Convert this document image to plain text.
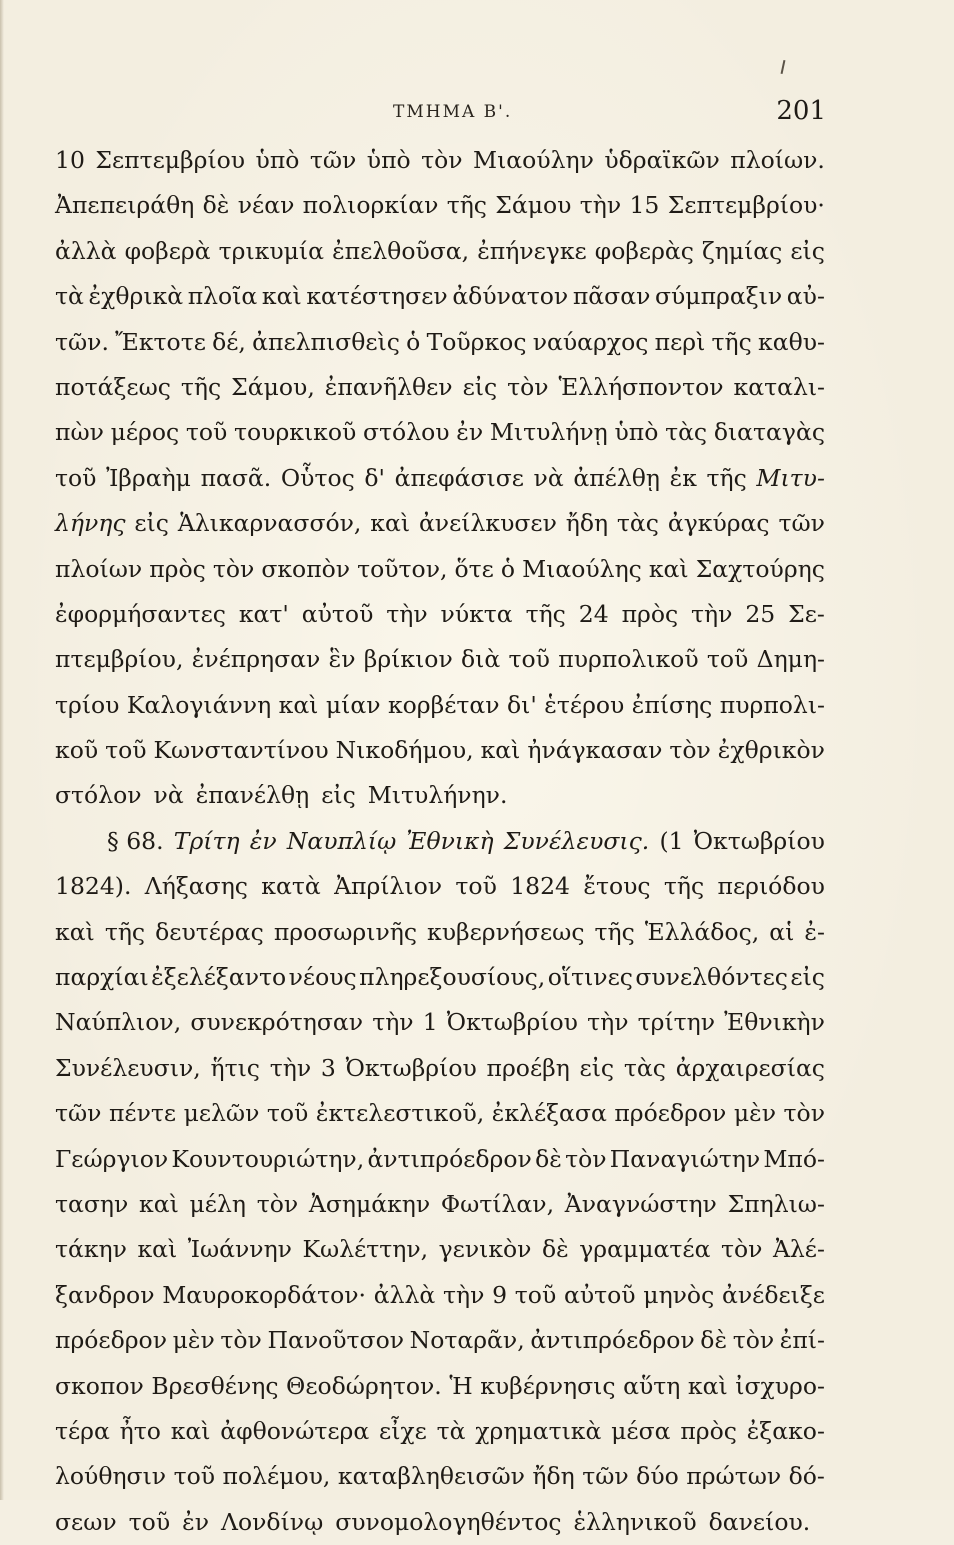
ΤΜΗΜΑ Β'.	201
10 Σεπτεμβρίου ὑπὸ τῶν ὑπὸ τὸν Μιαούλην ὑδραϊκῶν πλοίων.
Ἀπεπειράθη δὲ νέαν πολιορκίαν τῆς Σάμου τὴν 15 Σεπτεμβρίου·
ἀλλὰ φοβερὰ τρικυμία ἐπελθοῦσα, ἐπήνεγκε φοβερὰς ζημίας εἰς
τὰ ἐχθρικὰ πλοῖα καὶ κατέστησεν ἀδύνατον πᾶσαν σύμπραξιν αὐ-
τῶν. Ἔκτοτε δέ, ἀπελπισθεὶς ὁ Τοῦρκος ναύαρχος περὶ τῆς καθυ-
ποτάξεως τῆς Σάμου, ἐπανῆλθεν εἰς τὸν Ἑλλήσποντον καταλι-
πὼν μέρος τοῦ τουρκικοῦ στόλου ἐν Μιτυλήνῃ ὑπὸ τὰς διαταγὰς
τοῦ Ἰβραὴμ πασᾶ. Οὗτος δ' ἀπεφάσισε νὰ ἀπέλθῃ ἐκ τῆς Μιτυ-
λήνης εἰς Ἁλικαρνασσόν, καὶ ἀνείλκυσεν ἤδη τὰς ἀγκύρας τῶν
πλοίων πρὸς τὸν σκοπὸν τοῦτον, ὅτε ὁ Μιαούλης καὶ Σαχτούρης
ἐφορμήσαντες κατ' αὐτοῦ τὴν νύκτα τῆς 24 πρὸς τὴν 25 Σε-
πτεμβρίου, ἐνέπρησαν ἓν βρίκιον διὰ τοῦ πυρπολικοῦ τοῦ Δημη-
τρίου Καλογιάννη καὶ μίαν κορβέταν δι' ἑτέρου ἐπίσης πυρπολι-
κοῦ τοῦ Κωνσταντίνου Νικοδήμου, καὶ ἠνάγκασαν τὸν ἐχθρικὸν
στόλον νὰ ἐπανέλθῃ εἰς Μιτυλήνην.
§ 68. Τρίτη ἐν Ναυπλίῳ Ἐθνικὴ Συνέλευσις. (1 Ὀκτωβρίου
1824). Λήξασης κατὰ Ἀπρίλιον τοῦ 1824 ἔτους τῆς περιόδου
καὶ τῆς δευτέρας προσωρινῆς κυβερνήσεως τῆς Ἑλλάδος, αἱ ἐ-
παρχίαι ἐξελέξαντο νέους πληρεξουσίους, οἵτινες συνελθόντες εἰς
Ναύπλιον, συνεκρότησαν τὴν 1 Ὀκτωβρίου τὴν τρίτην Ἐθνικὴν
Συνέλευσιν, ἥτις τὴν 3 Ὀκτωβρίου προέβη εἰς τὰς ἀρχαιρεσίας
τῶν πέντε μελῶν τοῦ ἐκτελεστικοῦ, ἐκλέξασα πρόεδρον μὲν τὸν
Γεώργιον Κουντουριώτην, ἀντιπρόεδρον δὲ τὸν Παναγιώτην Μπό-
τασην καὶ μέλη τὸν Ἀσημάκην Φωτίλαν, Ἀναγνώστην Σπηλιω-
τάκην καὶ Ἰωάννην Κωλέττην, γενικὸν δὲ γραμματέα τὸν Ἀλέ-
ξανδρον Μαυροκορδάτον· ἀλλὰ τὴν 9 τοῦ αὐτοῦ μηνὸς ἀνέδειξε
πρόεδρον μὲν τὸν Πανοῦτσον Νοταρᾶν, ἀντιπρόεδρον δὲ τὸν ἐπί-
σκοπον Βρεσθένης Θεοδώρητον. Ἡ κυβέρνησις αὕτη καὶ ἰσχυρο-
τέρα ἦτο καὶ ἀφθονώτερα εἶχε τὰ χρηματικὰ μέσα πρὸς ἐξακο-
λούθησιν τοῦ πολέμου, καταβληθεισῶν ἤδη τῶν δύο πρώτων δό-
σεων τοῦ ἐν Λονδίνῳ συνομολογηθέντος ἑλληνικοῦ δανείου.
